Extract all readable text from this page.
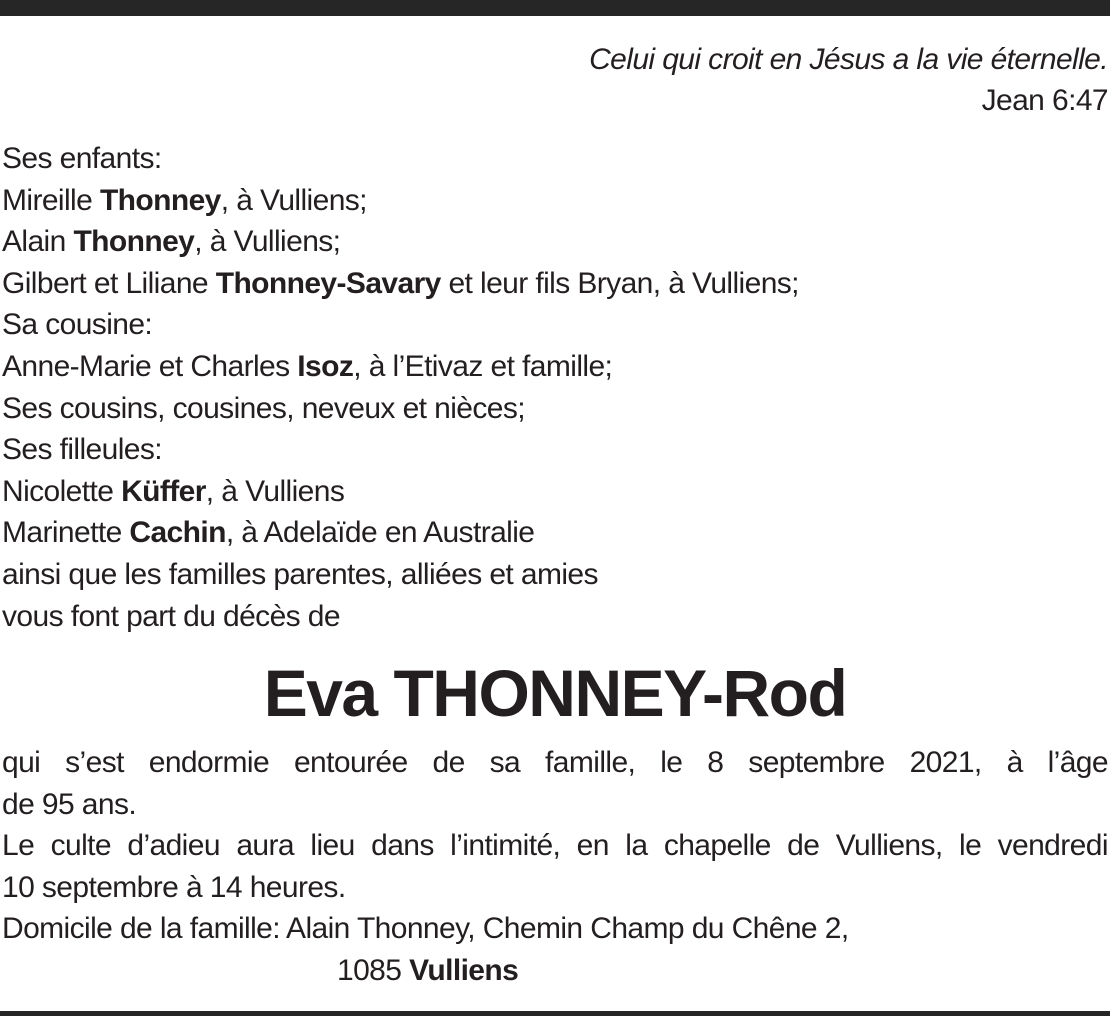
Celui qui croit en Jésus a la vie éternelle.
Jean 6:47
Ses enfants:
Mireille Thonney, à Vulliens;
Alain Thonney, à Vulliens;
Gilbert et Liliane Thonney-Savary et leur fils Bryan, à Vulliens;
Sa cousine:
Anne-Marie et Charles Isoz, à l’Etivaz et famille;
Ses cousins, cousines, neveux et nièces;
Ses filleules:
Nicolette Küffer, à Vulliens
Marinette Cachin, à Adelaïde en Australie
ainsi que les familles parentes, alliées et amies
vous font part du décès de
Eva THONNEY-Rod
qui s’est endormie entourée de sa famille, le 8 septembre 2021, à l’âge
de 95 ans.
Le culte d’adieu aura lieu dans l’intimité, en la chapelle de Vulliens, le vendredi
10 septembre à 14 heures.
Domicile de la famille: Alain Thonney, Chemin Champ du Chêne 2,
1085 Vulliens
